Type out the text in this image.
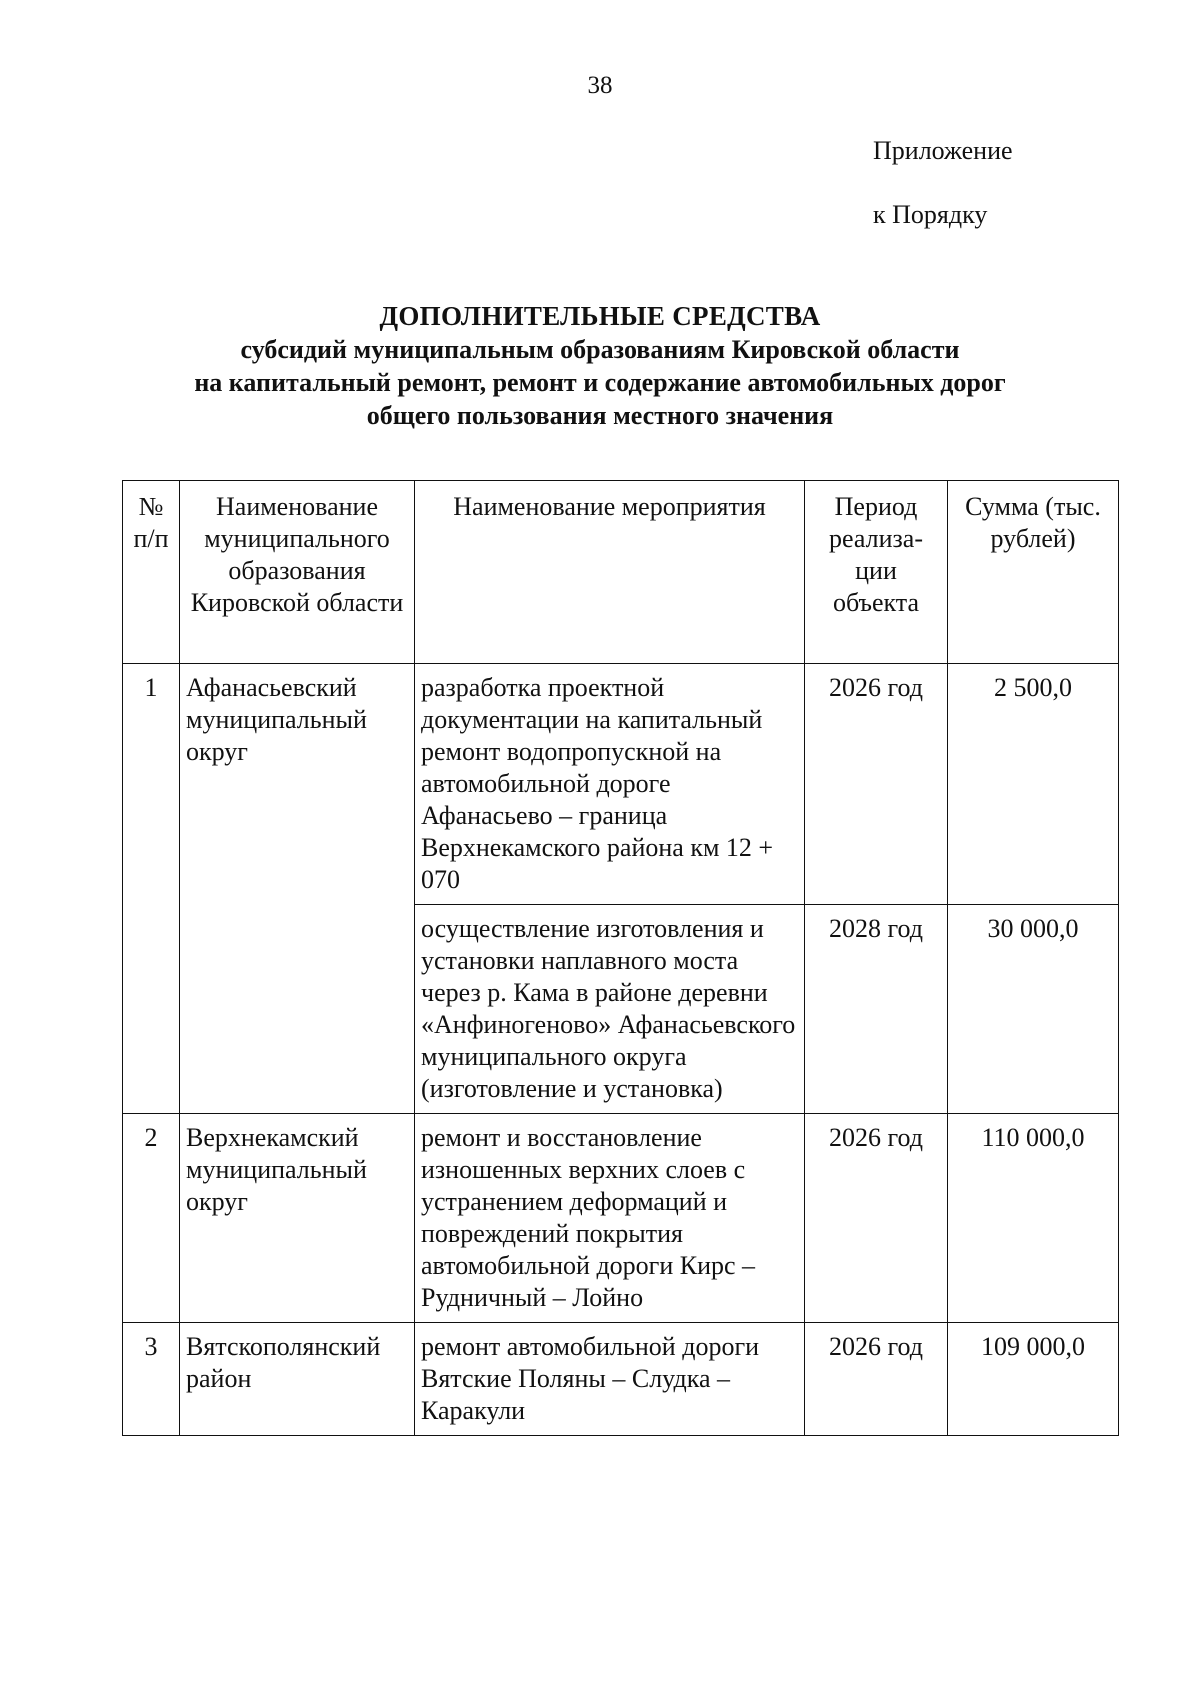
38
Приложение
к Порядку
ДОПОЛНИТЕЛЬНЫЕ СРЕДСТВА
субсидий муниципальным образованиям Кировской области
на капитальный ремонт, ремонт и содержание автомобильных дорог
общего пользования местного значения
№ п/п	Наименование муниципального образования Кировской области	Наименование мероприятия	Период реализа-ции объекта	Сумма (тыс. рублей)
1	Афанасьевский муниципальный округ	разработка проектной документации на капитальный ремонт водопропускной на автомобильной дороге Афанасьево – граница Верхнекамского района км 12 + 070	2026 год	2 500,0
		осуществление изготовления и установки наплавного моста через р. Кама в районе деревни «Анфиногеново» Афанасьевского муниципального округа (изготовление и установка)	2028 год	30 000,0
2	Верхнекамский муниципальный округ	ремонт и восстановление изношенных верхних слоев с устранением деформаций и повреждений покрытия автомобильной дороги Кирс – Рудничный – Лойно	2026 год	110 000,0
3	Вятскополянский район	ремонт автомобильной дороги Вятские Поляны – Слудка – Каракули	2026 год	109 000,0
